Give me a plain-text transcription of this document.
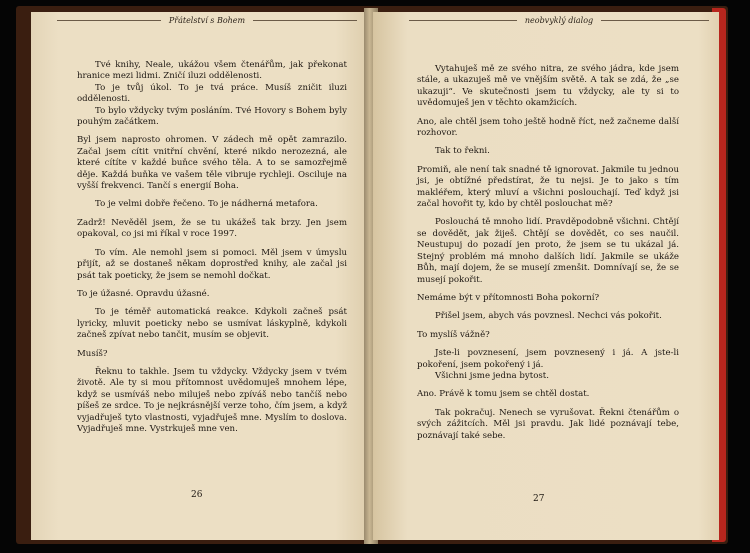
Přátelství s Bohem

Tvé knihy, Neale, ukážou všem čtenářům, jak překonat hranice mezi lidmi. Zničí iluzi oddělenosti.

To je tvůj úkol. To je tvá práce. Musíš zničit iluzi oddělenosti.

To bylo vždycky tvým posláním. Tvé Hovory s Bohem byly pouhým začátkem.

Byl jsem naprosto ohromen. V zádech mě opět zamrazilo. Začal jsem cítit vnitřní chvění, které nikdo nerozezná, ale které cítíte v každé buňce svého těla. A to se samozřejmě děje. Každá buňka ve vašem těle vibruje rychleji. Osciluje na vyšší frekvenci. Tančí s energií Boha.

To je velmi dobře řečeno. To je nádherná metafora.

Zadrž! Nevěděl jsem, že se tu ukážeš tak brzy. Jen jsem opakoval, co jsi mi říkal v roce 1997.

To vím. Ale nemohl jsem si pomoci. Měl jsem v úmyslu přijít, až se dostaneš někam doprostřed knihy, ale začal jsi psát tak poeticky, že jsem se nemohl dočkat.

To je úžasné. Opravdu úžasné.

To je téměř automatická reakce. Kdykoli začneš psát lyricky, mluvit poeticky nebo se usmívat láskyplně, kdykoli začneš zpívat nebo tančit, musím se objevit.

Musíš?

Řeknu to takhle. Jsem tu vždycky. Vždycky jsem v tvém životě. Ale ty si mou přítomnost uvědomuješ mnohem lépe, když se usmíváš nebo miluješ nebo zpíváš nebo tančíš nebo píšeš ze srdce. To je nejkrásnější verze toho, čím jsem, a když vyjadřuješ tyto vlastnosti, vyjadřuješ mne. Myslím to doslova. Vyjadřuješ mne. Vystrkuješ mne ven.

26
neobvyklý dialog

Vytahuješ mě ze svého nitra, ze svého jádra, kde jsem stále, a ukazuješ mě ve vnějším světě. A tak se zdá, že „se ukazuji“. Ve skutečnosti jsem tu vždycky, ale ty si to uvědomuješ jen v těchto okamžicích.

Ano, ale chtěl jsem toho ještě hodně říct, než začneme další rozhovor.

Tak to řekni.

Promiň, ale není tak snadné tě ignorovat. Jakmile tu jednou jsi, je obtížné předstírat, že tu nejsi. Je to jako s tím makléřem, který mluví a všichni poslouchají. Teď když jsi začal hovořit ty, kdo by chtěl poslouchat mě?

Poslouchá tě mnoho lidí. Pravděpodobně všichni. Chtějí se dovědět, jak žiješ. Chtějí se dovědět, co ses naučil. Neustupuj do pozadí jen proto, že jsem se tu ukázal já. Stejný problém má mnoho dalších lidí. Jakmile se ukáže Bůh, mají dojem, že se musejí zmenšit. Domnívají se, že se musejí pokořit.

Nemáme být v přítomnosti Boha pokorní?

Přišel jsem, abych vás povznesl. Nechci vás pokořit.

To myslíš vážně?

Jste-li povznesení, jsem povznesený i já. A jste-li pokoření, jsem pokořený i já.

Všichni jsme jedna bytost.

Ano. Právě k tomu jsem se chtěl dostat.

Tak pokračuj. Nenech se vyrušovat. Řekni čtenářům o svých zážitcích. Měl jsi pravdu. Jak lidé poznávají tebe, poznávají také sebe.

27
